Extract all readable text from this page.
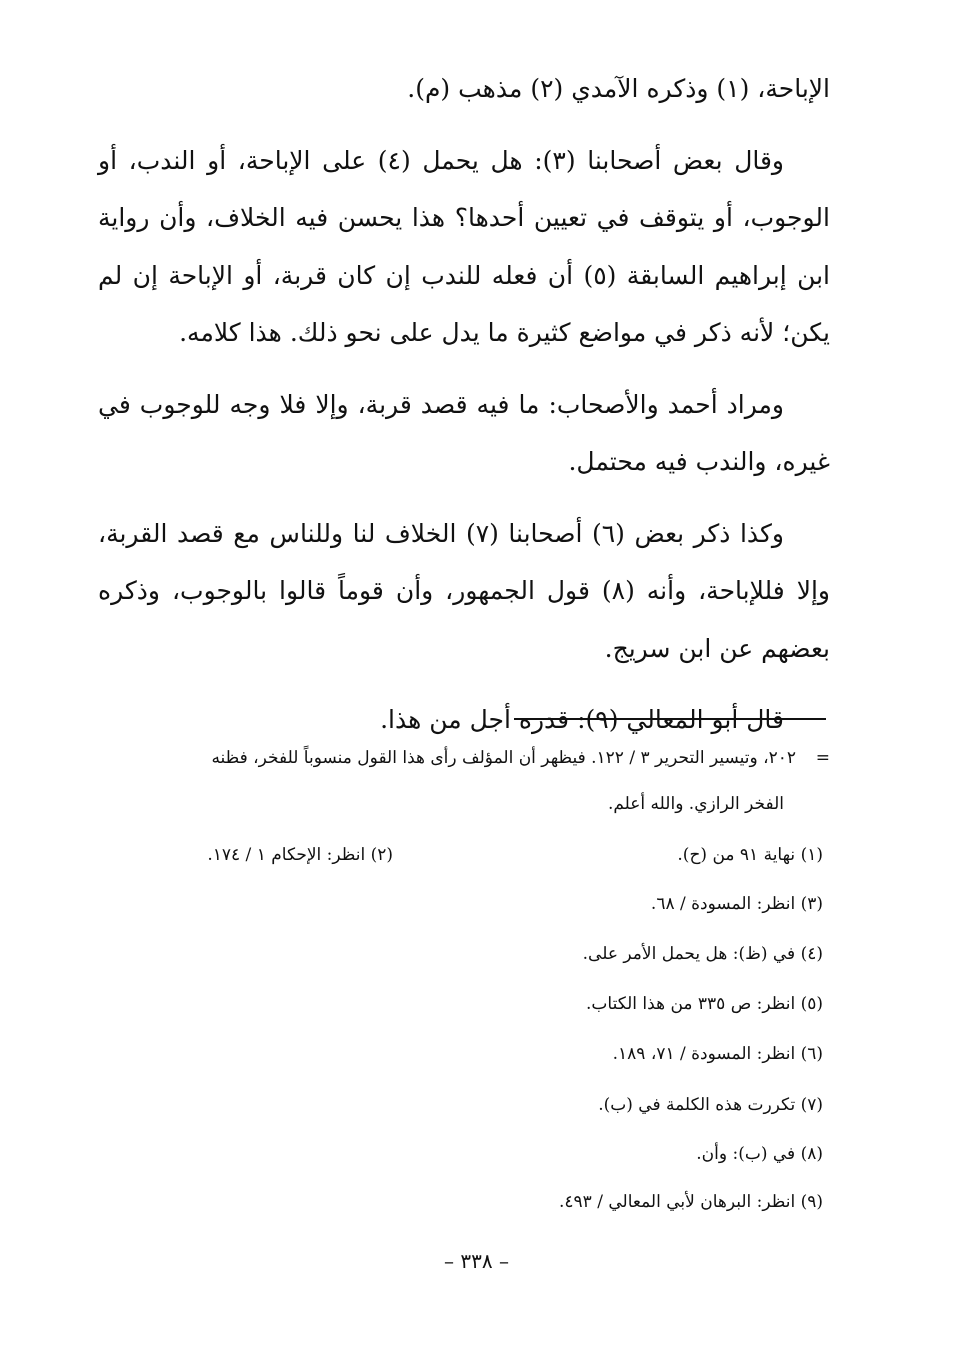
الإباحة، (١) وذكره الآمدي (٢) مذهب (م).

وقال بعض أصحابنا (٣): هل يحمل (٤) على الإباحة، أو الندب، أو الوجوب، أو يتوقف في تعيين أحدها؟ هذا يحسن فيه الخلاف، وأن رواية ابن إبراهيم السابقة (٥) أن فعله للندب إن كان قربة، أو الإباحة إن لم يكن؛ لأنه ذكر في مواضع كثيرة ما يدل على نحو ذلك. هذا كلامه.

ومراد أحمد والأصحاب: ما فيه قصد قربة، وإلا فلا وجه للوجوب في غيره، والندب فيه محتمل.

وكذا ذكر بعض (٦) أصحابنا (٧) الخلاف لنا وللناس مع قصد القربة، وإلا فللإباحة، وأنه (٨) قول الجمهور، وأن قوماً قالوا بالوجوب، وذكره بعضهم عن ابن سريج.

قال أبو المعالي (٩): قدره أجل من هذا.

=٢٠٢، وتيسير التحرير ٣ / ١٢٢. فيظهر أن المؤلف رأى هذا القول منسوباً للفخر، فظنه
الفخر الرازي. والله أعلم.
(١) نهاية ٩١ من (ح).
(٢) انظر: الإحكام ١ / ١٧٤.
(٣) انظر: المسودة / ٦٨.
(٤) في (ظ): هل يحمل الأمر على.
(٥) انظر: ص ٣٣٥ من هذا الكتاب.
(٦) انظر: المسودة / ٧١، ١٨٩.
(٧) تكررت هذه الكلمة في (ب).
(٨) في (ب): وأن.
(٩) انظر: البرهان لأبي المعالي / ٤٩٣.
– ٣٣٨ –
